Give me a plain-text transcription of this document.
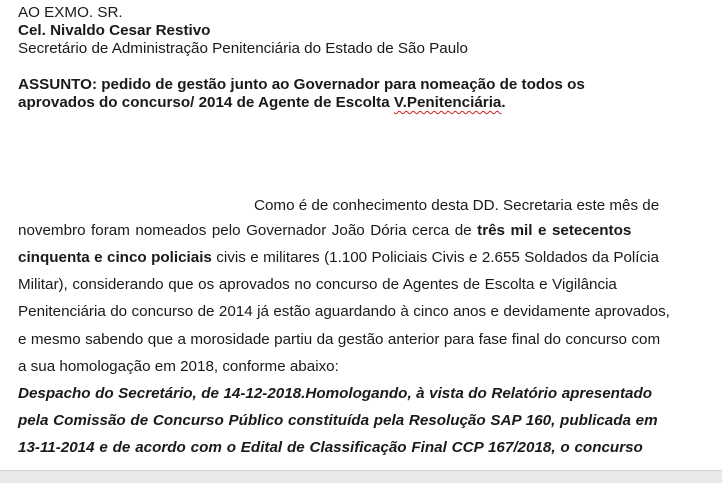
AO EXMO. SR.
Cel. Nivaldo Cesar Restivo
Secretário de Administração Penitenciária do Estado de São Paulo
ASSUNTO: pedido de gestão junto ao Governador para nomeação de todos os
aprovados do concurso/ 2014 de Agente de Escolta V.Penitenciária.
Como é de conhecimento desta DD. Secretaria este mês de
novembro foram nomeados pelo Governador João Dória cerca de três mil e setecentos
cinquenta e cinco policiais civis e militares (1.100 Policiais Civis e 2.655 Soldados da Polícia
Militar), considerando que os aprovados no concurso de Agentes de Escolta e Vigilância
Penitenciária do concurso de 2014 já estão aguardando à cinco anos e devidamente aprovados,
e mesmo sabendo que a morosidade partiu da gestão anterior para fase final do concurso com
a sua homologação em 2018, conforme abaixo:
Despacho do Secretário, de 14-12-2018.Homologando, à vista do Relatório apresentado
pela Comissão de Concurso Público constituída pela Resolução SAP 160, publicada em
13-11-2014 e de acordo com o Edital de Classificação Final CCP 167/2018, o concurso
